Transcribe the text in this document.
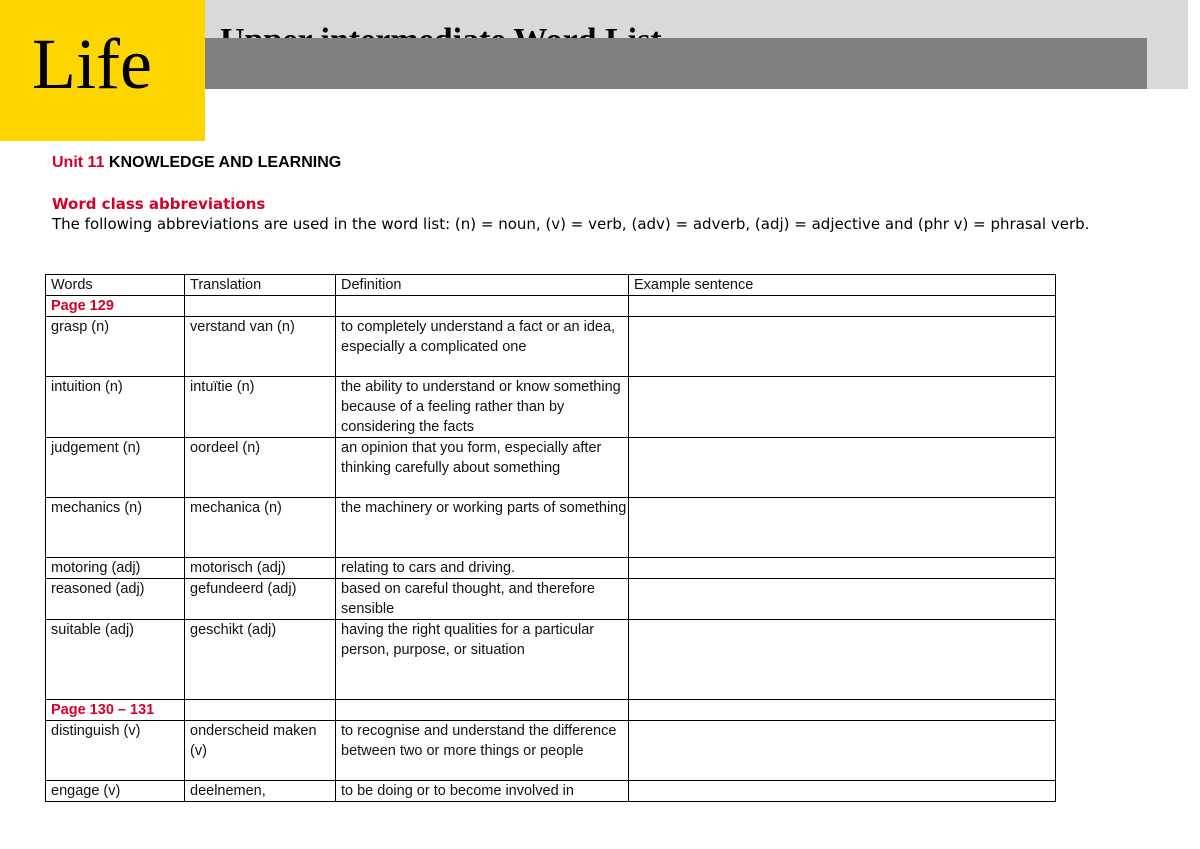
Life
Unit 11 KNOWLEDGE AND LEARNING
Word class abbreviations
The following abbreviations are used in the word list: (n) = noun, (v) = verb, (adv) = adverb, (adj) = adjective and (phr v) = phrasal verb.
Words	Translation	Definition	Example sentence
Page 129			
grasp (n)	verstand van (n)	to completely understand a fact or an idea, especially a complicated one	
intuition (n)	intuïtie (n)	the ability to understand or know something because of a feeling rather than by considering the facts	
judgement (n)	oordeel (n)	an opinion that you form, especially after thinking carefully about something	
mechanics (n)	mechanica (n)	the machinery or working parts of something	
motoring (adj)	motorisch (adj)	relating to cars and driving.	
reasoned (adj)	gefundeerd (adj)	based on careful thought, and therefore sensible	
suitable (adj)	geschikt (adj)	having the right qualities for a particular person, purpose, or situation	
Page 130 – 131			
distinguish (v)	onderscheid maken (v)	to recognise and understand the difference between two or more things or people	
engage (v)	deelnemen,	to be doing or to become involved in	
